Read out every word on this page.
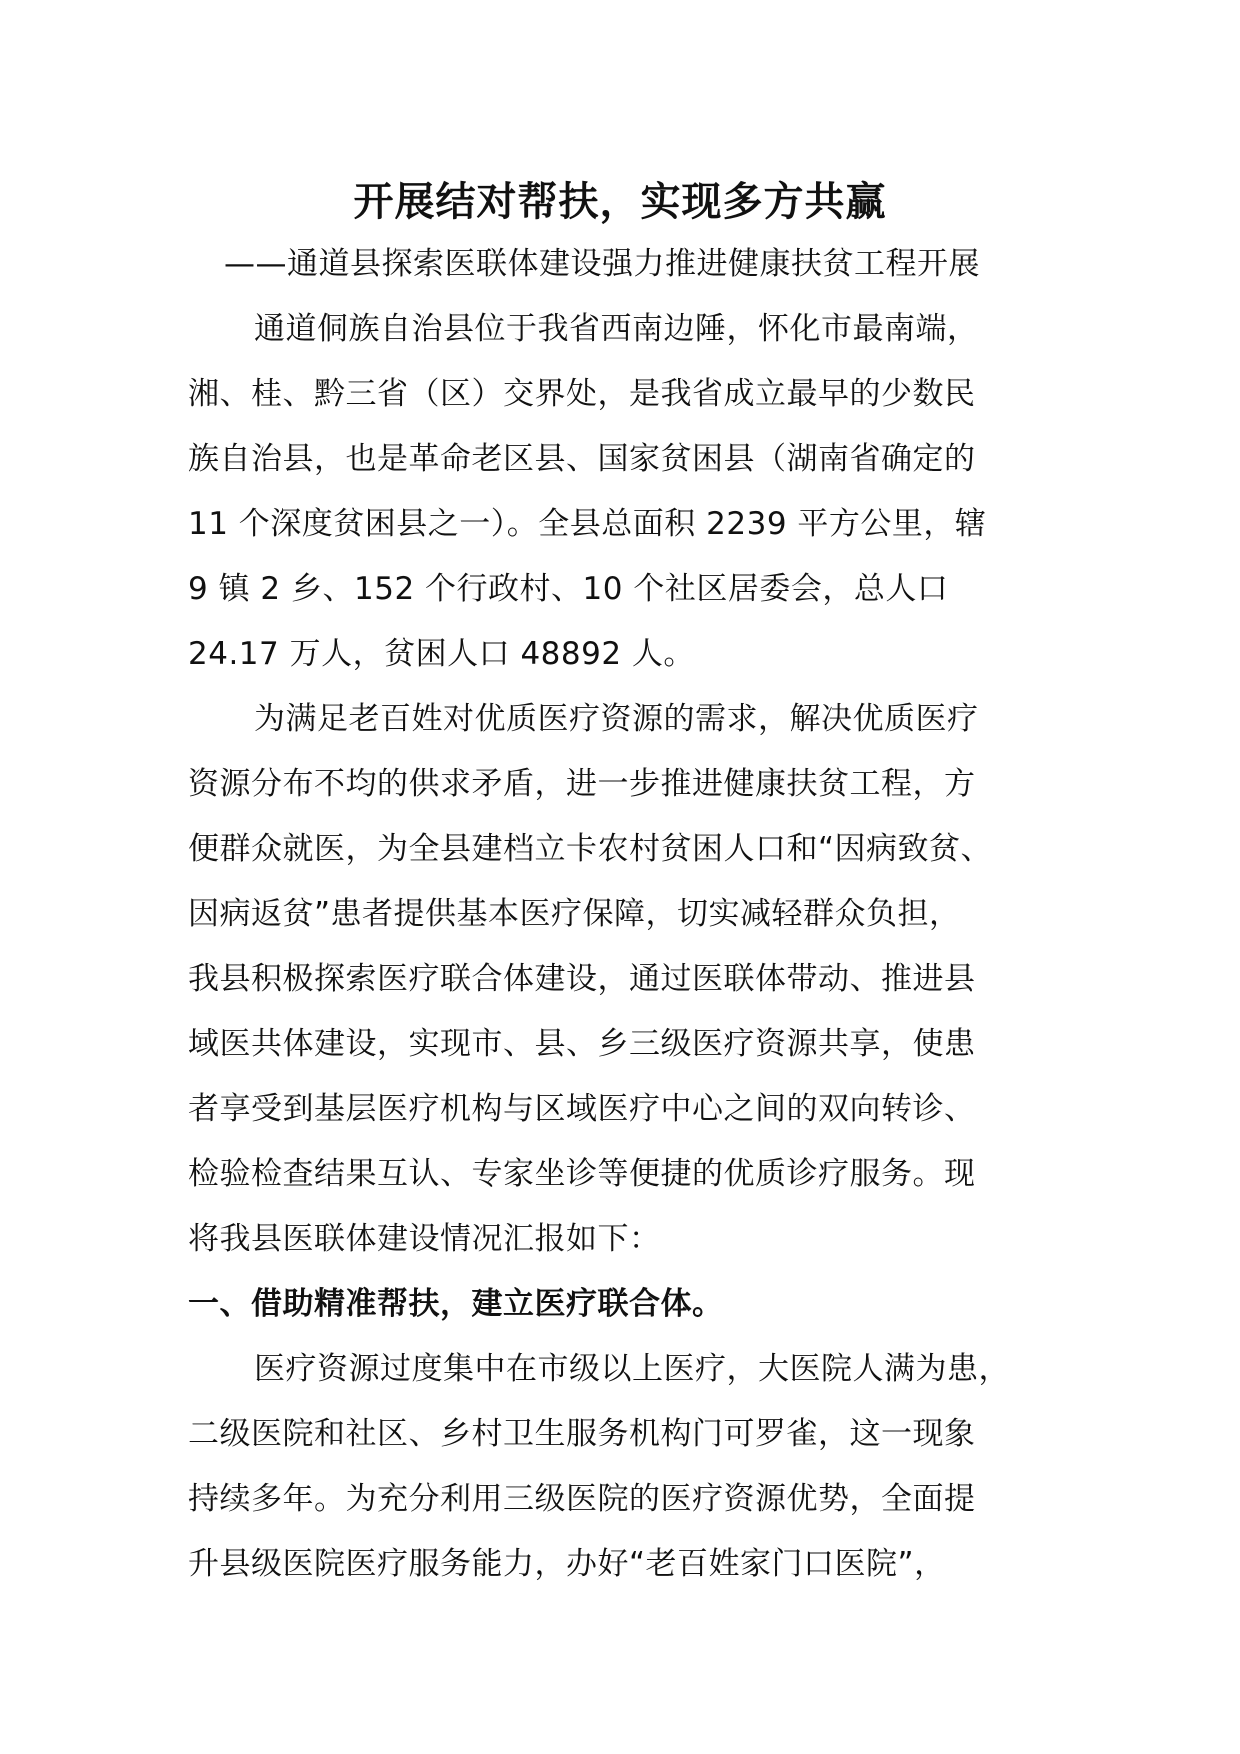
开展结对帮扶，实现多方共赢
——通道县探索医联体建设强力推进健康扶贫工程开展
通道侗族自治县位于我省西南边陲，怀化市最南端，
湘、桂、黔三省（区）交界处，是我省成立最早的少数民
族自治县，也是革命老区县、国家贫困县（湖南省确定的
11 个深度贫困县之一）。全县总面积 2239 平方公里，辖
9 镇 2 乡、152 个行政村、10 个社区居委会，总人口
24.17 万人，贫困人口 48892 人。
为满足老百姓对优质医疗资源的需求，解决优质医疗
资源分布不均的供求矛盾，进一步推进健康扶贫工程，方
便群众就医，为全县建档立卡农村贫困人口和“因病致贫、
因病返贫”患者提供基本医疗保障，切实减轻群众负担，
我县积极探索医疗联合体建设，通过医联体带动、推进县
域医共体建设，实现市、县、乡三级医疗资源共享，使患
者享受到基层医疗机构与区域医疗中心之间的双向转诊、
检验检查结果互认、专家坐诊等便捷的优质诊疗服务。现
将我县医联体建设情况汇报如下：
一、借助精准帮扶，建立医疗联合体。
医疗资源过度集中在市级以上医疗，大医院人满为患，
二级医院和社区、乡村卫生服务机构门可罗雀，这一现象
持续多年。为充分利用三级医院的医疗资源优势，全面提
升县级医院医疗服务能力，办好“老百姓家门口医院”，
